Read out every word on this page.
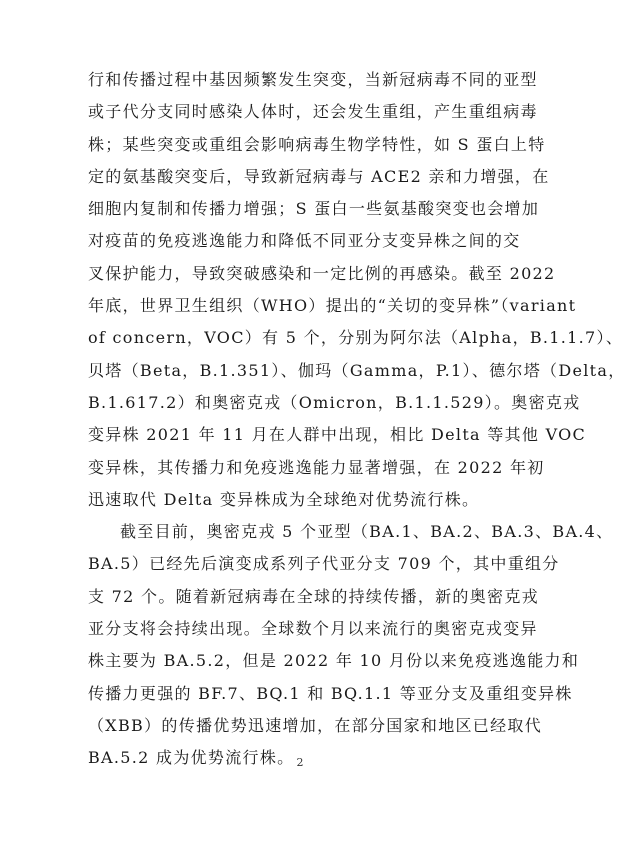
行和传播过程中基因频繁发生突变，当新冠病毒不同的亚型
或子代分支同时感染人体时，还会发生重组，产生重组病毒
株；某些突变或重组会影响病毒生物学特性，如 S 蛋白上特
定的氨基酸突变后，导致新冠病毒与 ACE2 亲和力增强，在
细胞内复制和传播力增强；S 蛋白一些氨基酸突变也会增加
对疫苗的免疫逃逸能力和降低不同亚分支变异株之间的交
叉保护能力，导致突破感染和一定比例的再感染。截至 2022
年底，世界卫生组织（WHO）提出的“关切的变异株”（variant
of concern，VOC）有 5 个，分别为阿尔法（Alpha，B.1.1.7）、
贝塔（Beta，B.1.351）、伽玛（Gamma，P.1）、德尔塔（Delta，
B.1.617.2）和奥密克戎（Omicron，B.1.1.529）。奥密克戎
变异株 2021 年 11 月在人群中出现，相比 Delta 等其他 VOC
变异株，其传播力和免疫逃逸能力显著增强，在 2022 年初
迅速取代 Delta 变异株成为全球绝对优势流行株。

截至目前，奥密克戎 5 个亚型（BA.1、BA.2、BA.3、BA.4、
BA.5）已经先后演变成系列子代亚分支 709 个，其中重组分
支 72 个。随着新冠病毒在全球的持续传播，新的奥密克戎
亚分支将会持续出现。全球数个月以来流行的奥密克戎变异
株主要为 BA.5.2，但是 2022 年 10 月份以来免疫逃逸能力和
传播力更强的 BF.7、BQ.1 和 BQ.1.1 等亚分支及重组变异株
（XBB）的传播优势迅速增加，在部分国家和地区已经取代
BA.5.2 成为优势流行株。 2
